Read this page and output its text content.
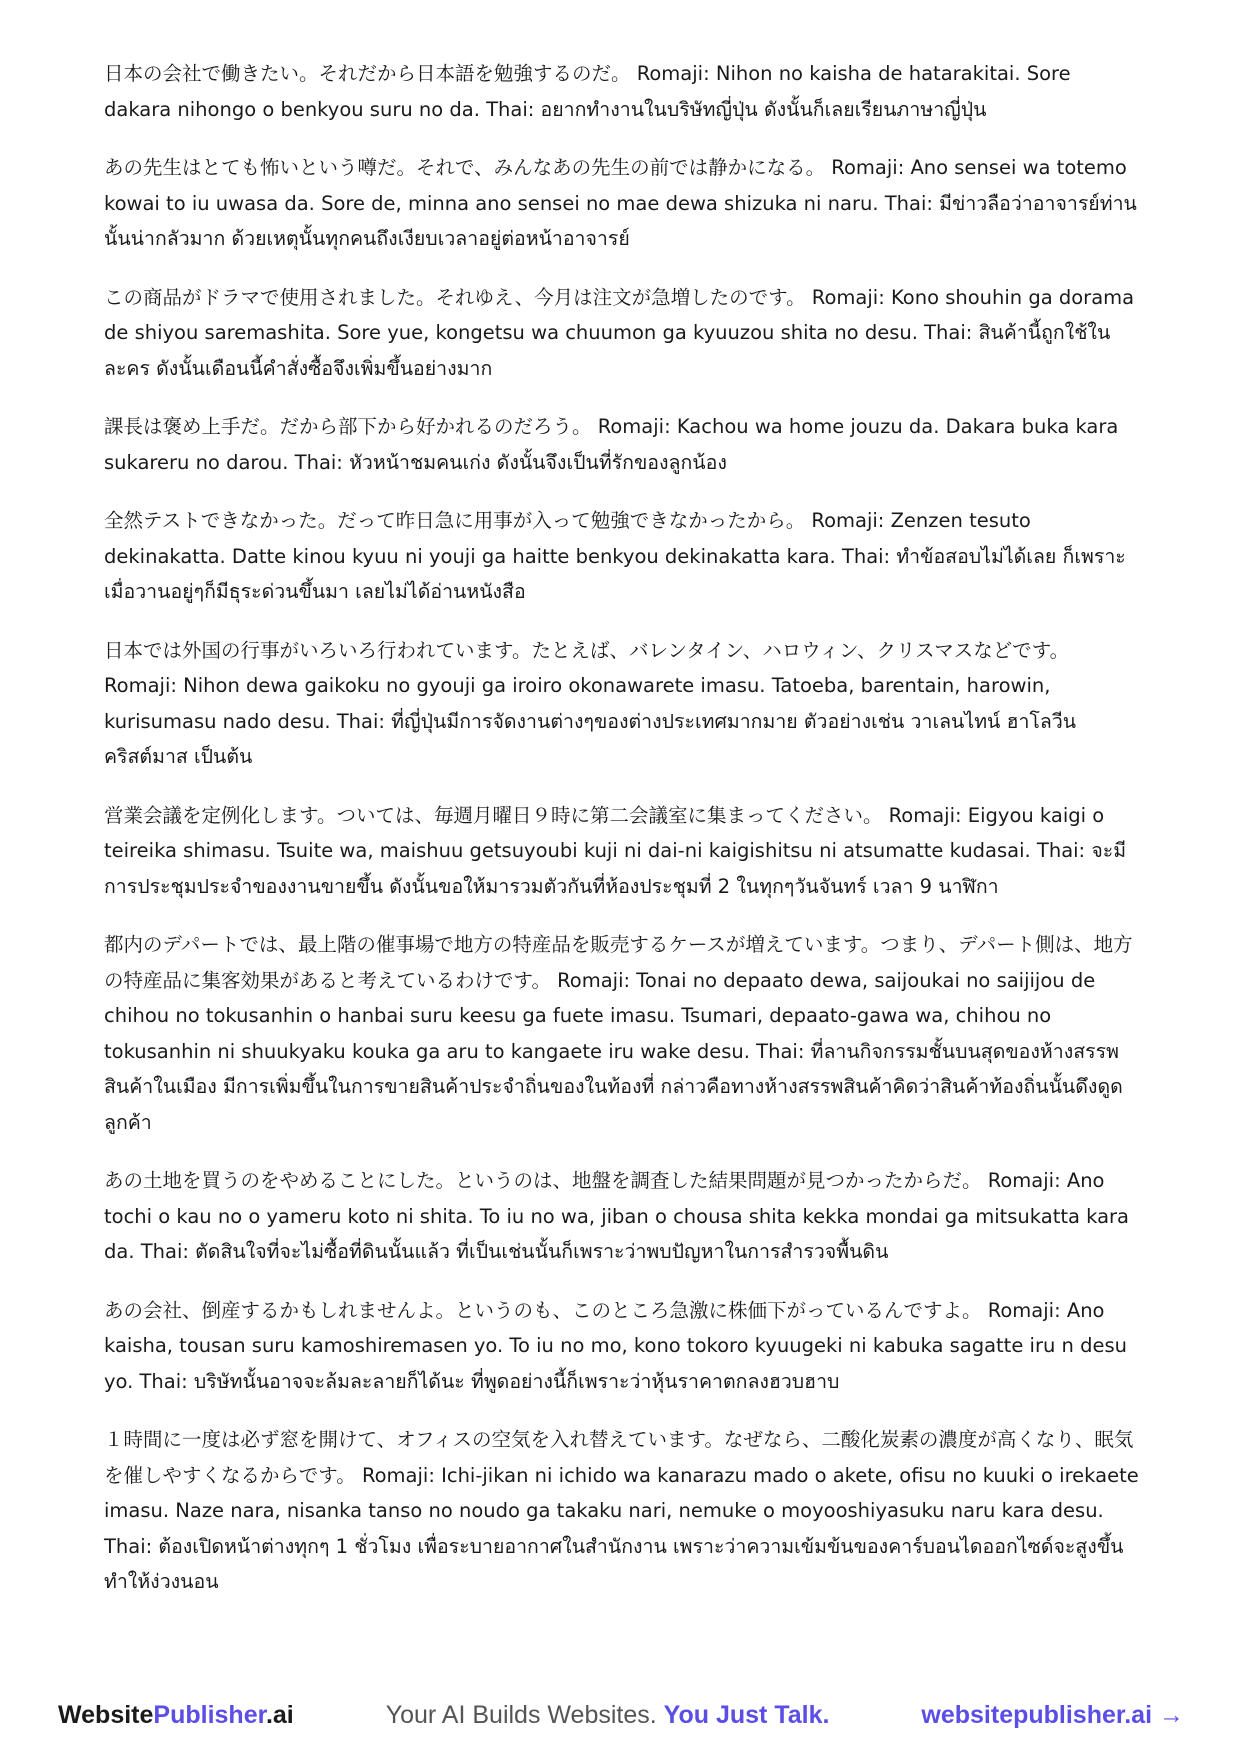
日本の会社で働きたい。それだから日本語を勉強するのだ。 Romaji: Nihon no kaisha de hatarakitai. Sore dakara nihongo o benkyou suru no da. Thai: อยากทำงานในบริษัทญี่ปุ่น ดังนั้นก็เลยเรียนภาษาญี่ปุ่น

あの先生はとても怖いという噂だ。それで、みんなあの先生の前では静かになる。 Romaji: Ano sensei wa totemo kowai to iu uwasa da. Sore de, minna ano sensei no mae dewa shizuka ni naru. Thai: มีข่าวลือว่าอาจารย์ท่านนั้นน่ากลัวมาก ด้วยเหตุนั้นทุกคนถึงเงียบเวลาอยู่ต่อหน้าอาจารย์

この商品がドラマで使用されました。それゆえ、今月は注文が急増したのです。 Romaji: Kono shouhin ga dorama de shiyou saremashita. Sore yue, kongetsu wa chuumon ga kyuuzou shita no desu. Thai: สินค้านี้ถูกใช้ในละคร ดังนั้นเดือนนี้คำสั่งซื้อจึงเพิ่มขึ้นอย่างมาก

課長は褒め上手だ。だから部下から好かれるのだろう。 Romaji: Kachou wa home jouzu da. Dakara buka kara sukareru no darou. Thai: หัวหน้าชมคนเก่ง ดังนั้นจึงเป็นที่รักของลูกน้อง

全然テストできなかった。だって昨日急に用事が入って勉強できなかったから。 Romaji: Zenzen tesuto dekinakatta. Datte kinou kyuu ni youji ga haitte benkyou dekinakatta kara. Thai: ทำข้อสอบไม่ได้เลย ก็เพราะเมื่อวานอยู่ๆก็มีธุระด่วนขึ้นมา เลยไม่ได้อ่านหนังสือ

日本では外国の行事がいろいろ行われています。たとえば、バレンタイン、ハロウィン、クリスマスなどです。 Romaji: Nihon dewa gaikoku no gyouji ga iroiro okonawarete imasu. Tatoeba, barentain, harowin, kurisumasu nado desu. Thai: ที่ญี่ปุ่นมีการจัดงานต่างๆของต่างประเทศมากมาย ตัวอย่างเช่น วาเลนไทน์ ฮาโลวีน คริสต์มาส เป็นต้น

営業会議を定例化します。ついては、毎週月曜日９時に第二会議室に集まってください。 Romaji: Eigyou kaigi o teireika shimasu. Tsuite wa, maishuu getsuyoubi kuji ni dai-ni kaigishitsu ni atsumatte kudasai. Thai: จะมีการประชุมประจำของงานขายขึ้น ดังนั้นขอให้มารวมตัวกันที่ห้องประชุมที่ 2 ในทุกๆวันจันทร์ เวลา 9 นาฬิกา

都内のデパートでは、最上階の催事場で地方の特産品を販売するケースが増えています。つまり、デパート側は、地方の特産品に集客効果があると考えているわけです。 Romaji: Tonai no depaato dewa, saijoukai no saijijou de chihou no tokusanhin o hanbai suru keesu ga fuete imasu. Tsumari, depaato-gawa wa, chihou no tokusanhin ni shuukyaku kouka ga aru to kangaete iru wake desu. Thai: ที่ลานกิจกรรมชั้นบนสุดของห้างสรรพสินค้าในเมือง มีการเพิ่มขึ้นในการขายสินค้าประจำถิ่นของในท้องที่ กล่าวคือทางห้างสรรพสินค้าคิดว่าสินค้าท้องถิ่นนั้นดึงดูดลูกค้า

あの土地を買うのをやめることにした。というのは、地盤を調査した結果問題が見つかったからだ。 Romaji: Ano tochi o kau no o yameru koto ni shita. To iu no wa, jiban o chousa shita kekka mondai ga mitsukatta kara da. Thai: ตัดสินใจที่จะไม่ซื้อที่ดินนั้นแล้ว ที่เป็นเช่นนั้นก็เพราะว่าพบปัญหาในการสำรวจพื้นดิน

あの会社、倒産するかもしれませんよ。というのも、このところ急激に株価下がっているんですよ。 Romaji: Ano kaisha, tousan suru kamoshiremasen yo. To iu no mo, kono tokoro kyuugeki ni kabuka sagatte iru n desu yo. Thai: บริษัทนั้นอาจจะล้มละลายก็ได้นะ ที่พูดอย่างนี้ก็เพราะว่าหุ้นราคาตกลงฮวบฮาบ

１時間に一度は必ず窓を開けて、オフィスの空気を入れ替えています。なぜなら、二酸化炭素の濃度が高くなり、眠気を催しやすくなるからです。 Romaji: Ichi-jikan ni ichido wa kanarazu mado o akete, ofisu no kuuki o irekaete imasu. Naze nara, nisanka tanso no noudo ga takaku nari, nemuke o moyooshiyasuku naru kara desu. Thai: ต้องเปิดหน้าต่างทุกๆ 1 ชั่วโมง เพื่อระบายอากาศในสำนักงาน เพราะว่าความเข้มข้นของคาร์บอนไดออกไซด์จะสูงขึ้น ทำให้ง่วงนอน

WebsitePublisher.ai	Your AI Builds Websites. You Just Talk.	websitepublisher.ai →
